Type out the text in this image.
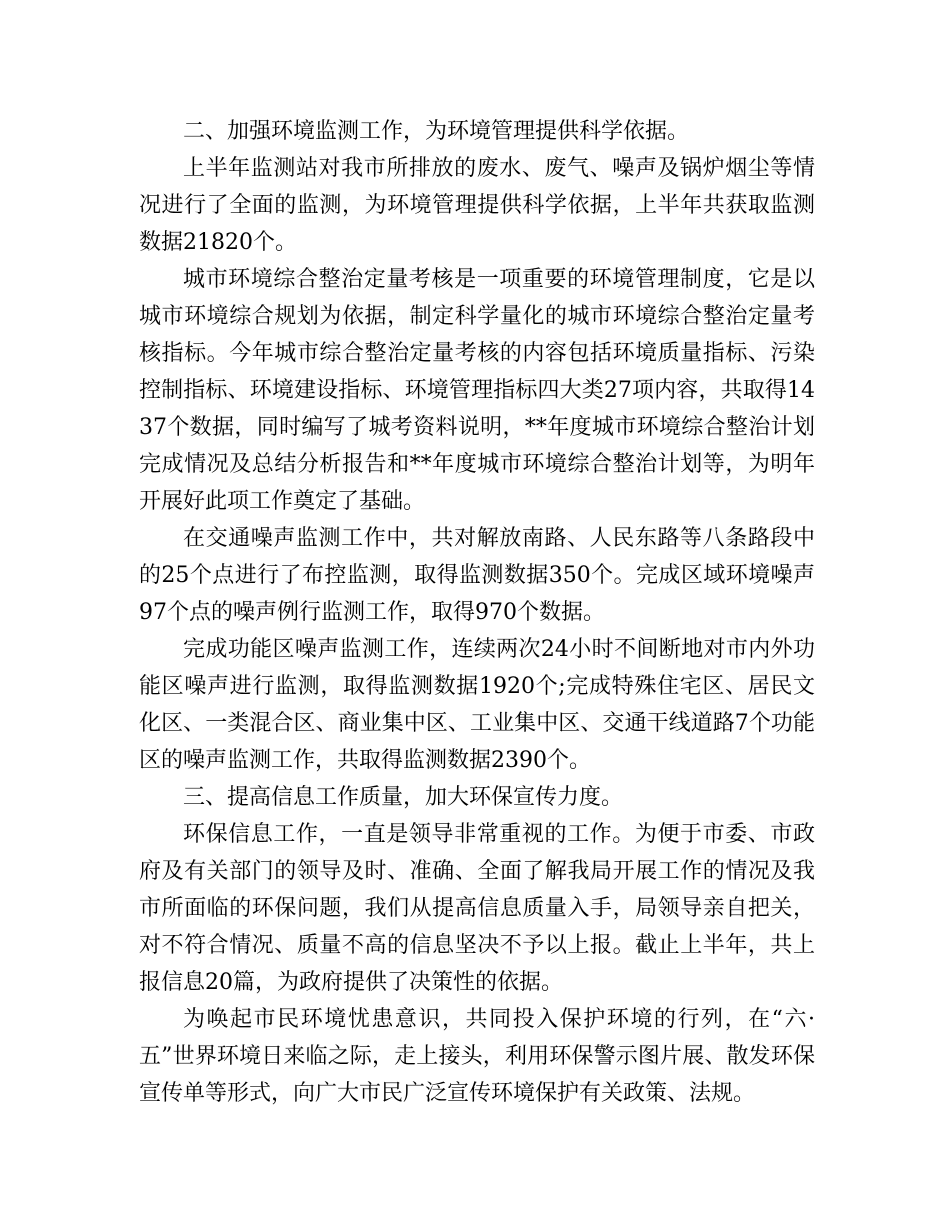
二、加强环境监测工作，为环境管理提供科学依据。

上半年监测站对我市所排放的废水、废气、噪声及锅炉烟尘等情况进行了全面的监测，为环境管理提供科学依据，上半年共获取监测数据21820个。

城市环境综合整治定量考核是一项重要的环境管理制度，它是以城市环境综合规划为依据，制定科学量化的城市环境综合整治定量考核指标。今年城市综合整治定量考核的内容包括环境质量指标、污染控制指标、环境建设指标、环境管理指标四大类27项内容，共取得1437个数据，同时编写了城考资料说明，**年度城市环境综合整治计划完成情况及总结分析报告和**年度城市环境综合整治计划等，为明年开展好此项工作奠定了基础。

在交通噪声监测工作中，共对解放南路、人民东路等八条路段中的25个点进行了布控监测，取得监测数据350个。完成区域环境噪声97个点的噪声例行监测工作，取得970个数据。

完成功能区噪声监测工作，连续两次24小时不间断地对市内外功能区噪声进行监测，取得监测数据1920个;完成特殊住宅区、居民文化区、一类混合区、商业集中区、工业集中区、交通干线道路7个功能区的噪声监测工作，共取得监测数据2390个。

三、提高信息工作质量，加大环保宣传力度。

环保信息工作，一直是领导非常重视的工作。为便于市委、市政府及有关部门的领导及时、准确、全面了解我局开展工作的情况及我市所面临的环保问题，我们从提高信息质量入手，局领导亲自把关，对不符合情况、质量不高的信息坚决不予以上报。截止上半年，共上报信息20篇，为政府提供了决策性的依据。

为唤起市民环境忧患意识，共同投入保护环境的行列，在“六·五”世界环境日来临之际，走上接头，利用环保警示图片展、散发环保宣传单等形式，向广大市民广泛宣传环境保护有关政策、法规。
